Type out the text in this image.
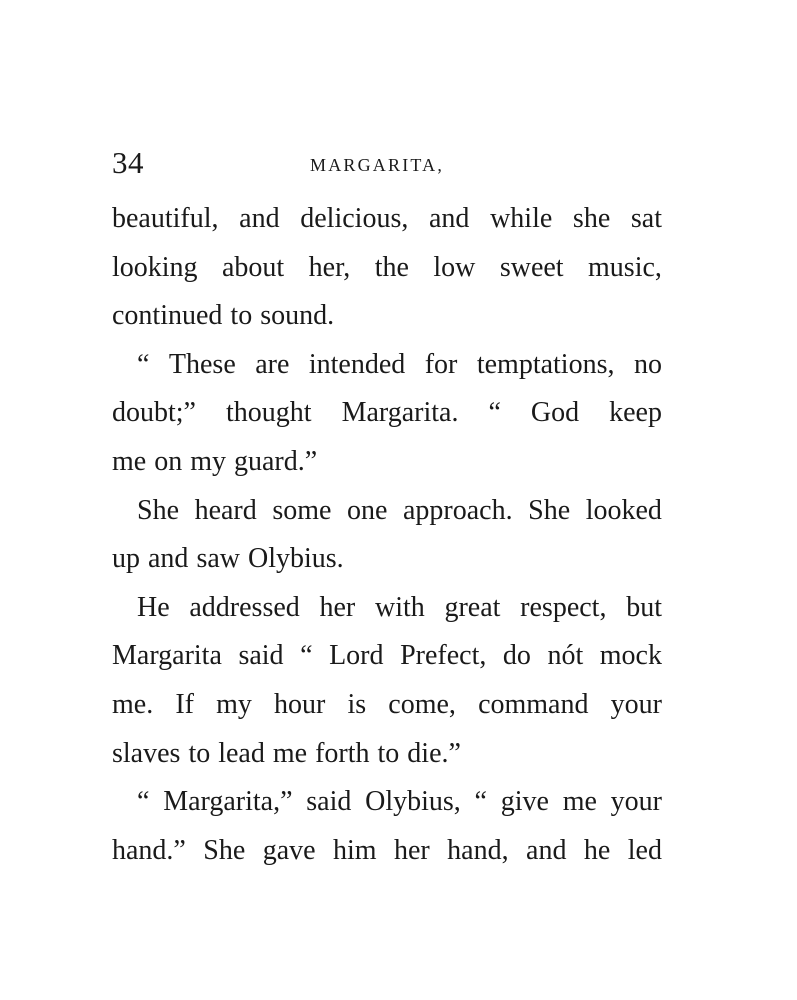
34	MARGARITA,
beautiful, and delicious, and while she sat
looking about her, the low sweet music,
continued to sound.
“ These are intended for temptations, no
doubt;” thought Margarita. “ God keep
me on my guard.”
She heard some one approach. She looked
up and saw Olybius.
He addressed her with great respect, but
Margarita said “ Lord Prefect, do nót mock
me. If my hour is come, command your
slaves to lead me forth to die.”
“ Margarita,” said Olybius, “ give me your
hand.” She gave him her hand, and he led
